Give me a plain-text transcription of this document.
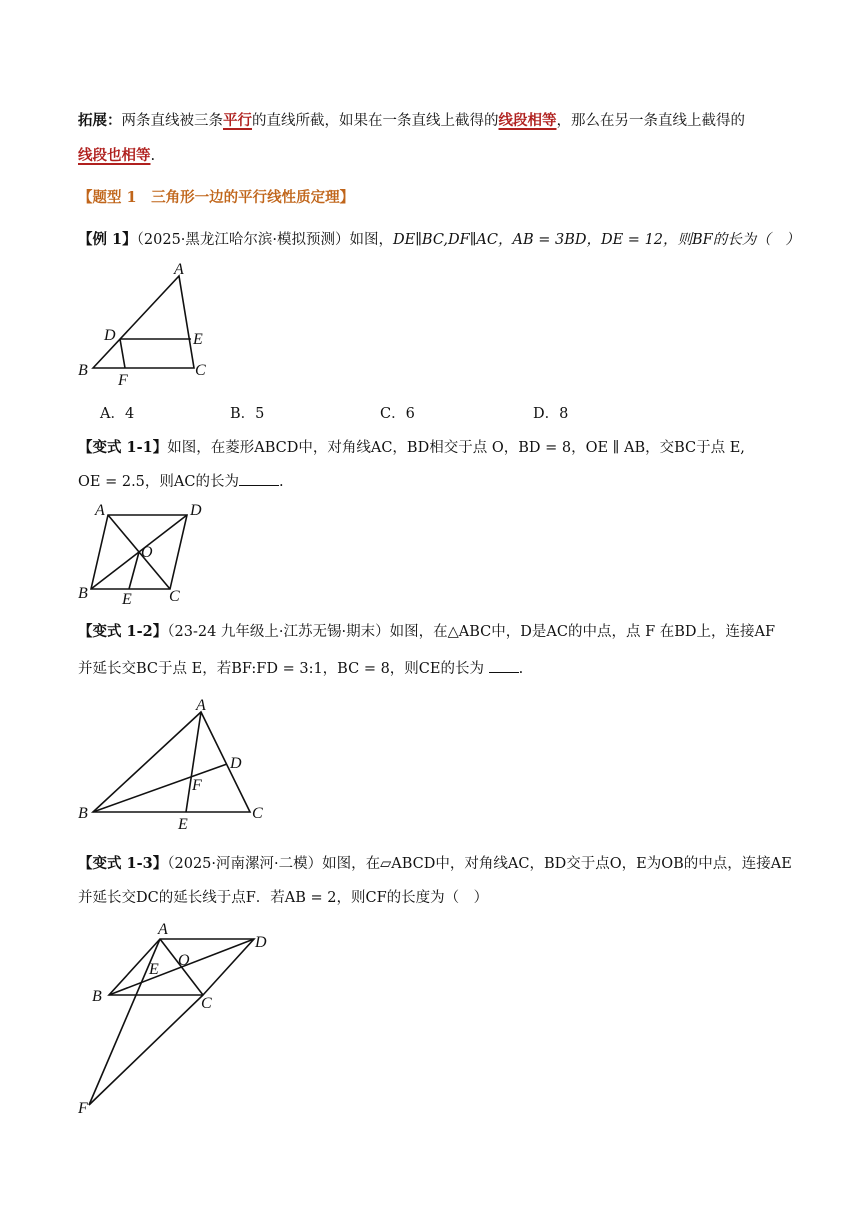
拓展：两条直线被三条平行的直线所截，如果在一条直线上截得的线段相等，那么在另一条直线上截得的
线段也相等.
【题型 1　三角形一边的平行线性质定理】
【例 1】（2025·黑龙江哈尔滨·模拟预测）如图，DE∥BC,DF∥AC，AB = 3BD，DE = 12，则BF的长为（　）
A
D	E
B	C
F
A．4	B．5	C．6	D．8
【变式 1-1】如图，在菱形ABCD中，对角线AC，BD相交于点 O，BD = 8，OE ∥ AB，交BC于点 E,
OE = 2.5，则AC的长为	.
A	D
O
B E C
【变式 1-2】（23-24 九年级上·江苏无锡·期末）如图，在△ABC中，D是AC的中点，点 F 在BD上，连接AF
并延长交BC于点 E，若BF:FD = 3:1，BC = 8，则CE的长为 .
A
D
F
B	C
E
【变式 1-3】（2025·河南漯河·二模）如图，在▱ABCD中，对角线AC，BD交于点O，E为OB的中点，连接AE
并延长交DC的延长线于点F．若AB = 2，则CF的长度为（　）
A
D
O
E
B	C
F
